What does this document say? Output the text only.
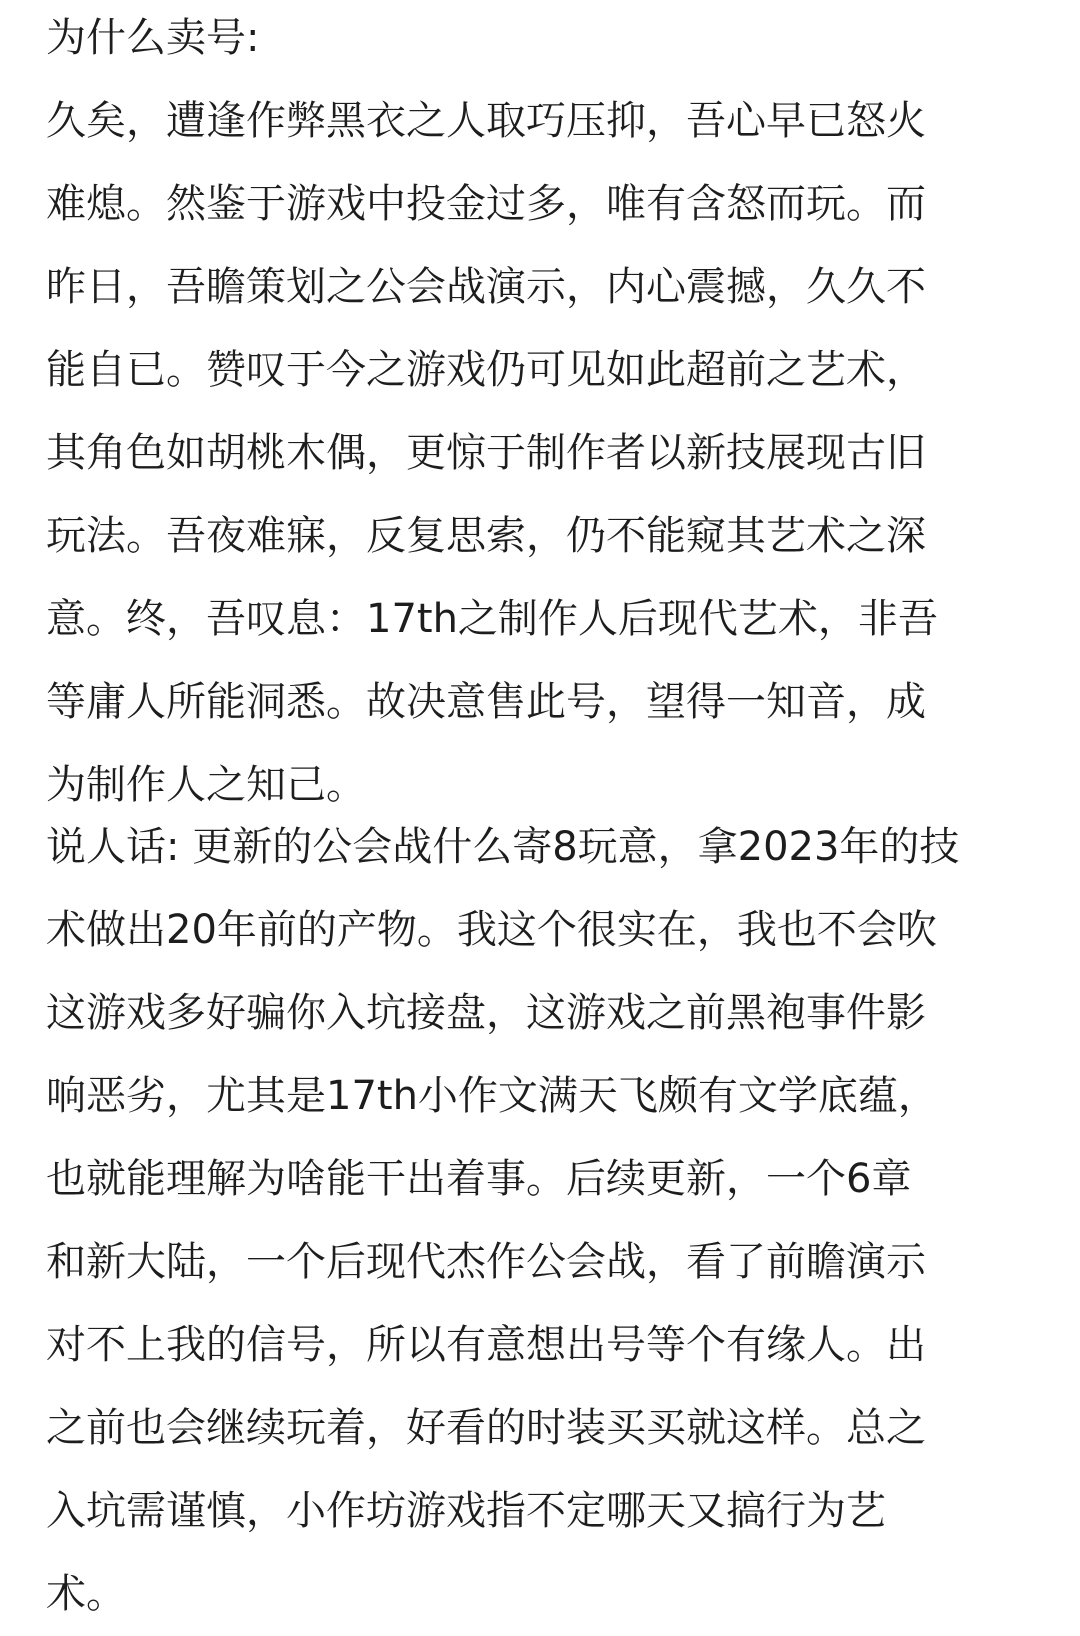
为什么卖号:
久矣，遭逢作弊黑衣之人取巧压抑，吾心早已怒火
难熄。然鉴于游戏中投金过多，唯有含怒而玩。而
昨日，吾瞻策划之公会战演示，内心震撼，久久不
能自已。赞叹于今之游戏仍可见如此超前之艺术，
其角色如胡桃木偶，更惊于制作者以新技展现古旧
玩法。吾夜难寐，反复思索，仍不能窥其艺术之深
意。终，吾叹息：17th之制作人后现代艺术，非吾
等庸人所能洞悉。故决意售此号，望得一知音，成
为制作人之知己。
说人话: 更新的公会战什么寄8玩意，拿2023年的技
术做出20年前的产物。我这个很实在，我也不会吹
这游戏多好骗你入坑接盘，这游戏之前黑袍事件影
响恶劣，尤其是17th小作文满天飞颇有文学底蕴，
也就能理解为啥能干出着事。后续更新，一个6章
和新大陆，一个后现代杰作公会战，看了前瞻演示
对不上我的信号，所以有意想出号等个有缘人。出
之前也会继续玩着，好看的时装买买就这样。总之
入坑需谨慎，小作坊游戏指不定哪天又搞行为艺
术。
